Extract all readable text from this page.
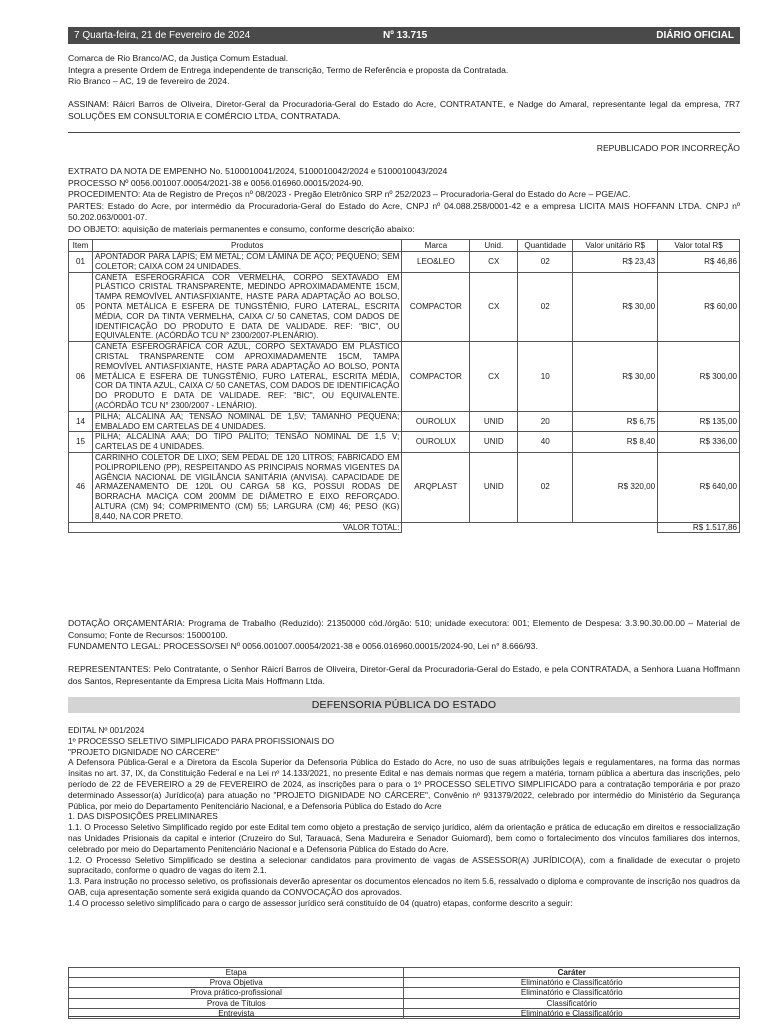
7 Quarta-feira, 21 de Fevereiro de 2024	Nº 13.715	DIÁRIO OFICIAL
Comarca de Rio Branco/AC, da Justiça Comum Estadual.
Integra a presente Ordem de Entrega independente de transcrição, Termo de Referência e proposta da Contratada.
Rio Branco – AC, 19 de fevereiro de 2024.
ASSINAM: Ráicri Barros de Oliveira, Diretor-Geral da Procuradoria-Geral do Estado do Acre, CONTRATANTE, e Nadge do Amaral, representante legal da empresa, 7R7 SOLUÇÕES EM CONSULTORIA E COMÉRCIO LTDA, CONTRATADA.
REPUBLICADO POR INCORREÇÃO
EXTRATO DA NOTA DE EMPENHO No. 5100010041/2024, 5100010042/2024 e 5100010043/2024
PROCESSO Nº 0056.001007.00054/2021-38 e 0056.016960.00015/2024-90.
PROCEDIMENTO: Ata de Registro de Preços nº 08/2023 - Pregão Eletrônico SRP nº 252/2023 – Procuradoria-Geral do Estado do Acre – PGE/AC.
PARTES: Estado do Acre, por intermédio da Procuradoria-Geral do Estado do Acre, CNPJ nº 04.088.258/0001-42 e a empresa LICITA MAIS HOFFANN LTDA. CNPJ nº 50.202.063/0001-07.
DO OBJETO: aquisição de materiais permanentes e consumo, conforme descrição abaixo:
Item	Produtos	Marca	Unid.	Quantidade	Valor unitário R$	Valor total R$
01	APONTADOR PARA LÁPIS; EM METAL; COM LÂMINA DE AÇO; PEQUENO; SEM COLETOR; CAIXA COM 24 UNIDADES.	LEO&LEO	CX	02	R$ 23,43	R$ 46,86
05	CANETA ESFEROGRÁFICA COR VERMELHA, CORPO SEXTAVADO EM PLÁSTICO CRISTAL TRANSPARENTE, MEDINDO APROXIMADAMENTE 15CM, TAMPA REMOVÍVEL ANTIASFIXIANTE, HASTE PARA ADAPTAÇÃO AO BOLSO, PONTA METÁLICA E ESFERA DE TUNGSTÊNIO, FURO LATERAL, ESCRITA MÉDIA, COR DA TINTA VERMELHA, CAIXA C/ 50 CANETAS, COM DADOS DE IDENTIFICAÇÃO DO PRODUTO E DATA DE VALIDADE. REF: "BIC", OU EQUIVALENTE. (ACÓRDÃO TCU N° 2300/2007-PLENÁRIO).	COMPACTOR	CX	02	R$ 30,00	R$ 60,00
06	CANETA ESFEROGRÁFICA COR AZUL, CORPO SEXTAVADO EM PLÁSTICO CRISTAL TRANSPARENTE COM APROXIMADAMENTE 15CM, TAMPA REMOVÍVEL ANTIASFIXIANTE, HASTE PARA ADAPTAÇÃO AO BOLSO, PONTA METÁLICA E ESFERA DE TUNGSTÊNIO, FURO LATERAL, ESCRITA MÉDIA, COR DA TINTA AZUL, CAIXA C/ 50 CANETAS, COM DADOS DE IDENTIFICAÇÃO DO PRODUTO E DATA DE VALIDADE. REF: "BIC", OU EQUIVALENTE. (ACÓRDÃO TCU N° 2300/2007 - LENÁRIO).	COMPACTOR	CX	10	R$ 30,00	R$ 300,00
14	PILHA; ALCALINA AA; TENSÃO NOMINAL DE 1,5V; TAMANHO PEQUENA; EMBALADO EM CARTELAS DE 4 UNIDADES.	OUROLUX	UNID	20	R$ 6,75	R$ 135,00
15	PILHA; ALCALINA AAA; DO TIPO PALITO; TENSÃO NOMINAL DE 1,5 V; CARTELAS DE 4 UNIDADES.	OUROLUX	UNID	40	R$ 8,40	R$ 336,00
46	CARRINHO COLETOR DE LIXO; SEM PEDAL DE 120 LITROS; FABRICADO EM POLIPROPILENO (PP), RESPEITANDO AS PRINCIPAIS NORMAS VIGENTES DA AGÊNCIA NACIONAL DE VIGILÂNCIA SANITÁRIA (ANVISA). CAPACIDADE DE ARMAZENAMENTO DE 120L OU CARGA 58 KG, POSSUI RODAS DE BORRACHA MACIÇA COM 200MM DE DIÂMETRO E EIXO REFORÇADO. ALTURA (CM) 94; COMPRIMENTO (CM) 55; LARGURA (CM) 46; PESO (KG) 8,440, NA COR PRETO.	ARQPLAST	UNID	02	R$ 320,00	R$ 640,00
VALOR TOTAL:						R$ 1.517,86
DOTAÇÃO ORÇAMENTÁRIA: Programa de Trabalho (Reduzido): 21350000 cód./órgão: 510; unidade executora: 001; Elemento de Despesa: 3.3.90.30.00.00 – Material de Consumo; Fonte de Recursos: 15000100.
FUNDAMENTO LEGAL: PROCESSO/SEI Nº 0056.001007.00054/2021-38 e 0056.016960.00015/2024-90, Lei n° 8.666/93.
REPRESENTANTES: Pelo Contratante, o Senhor Ráicri Barros de Oliveira, Diretor-Geral da Procuradoria-Geral do Estado, e pela CONTRATADA, a Senhora Luana Hoffmann dos Santos, Representante da Empresa Licita Mais Hoffmann Ltda.
DEFENSORIA PÚBLICA DO ESTADO
EDITAL Nº 001/2024
1º PROCESSO SELETIVO SIMPLIFICADO PARA PROFISSIONAIS DO
"PROJETO DIGNIDADE NO CÁRCERE"
A Defensora Pública-Geral e a Diretora da Escola Superior da Defensoria Pública do Estado do Acre, no uso de suas atribuições legais e regulamentares, na forma das normas ínsitas no art. 37, IX, da Constituição Federal e na Lei nº 14.133/2021, no presente Edital e nas demais normas que regem a matéria, tornam pública a abertura das inscrições, pelo período de 22 de FEVEREIRO a 29 de FEVEREIRO de 2024, as inscrições para o para o 1º PROCESSO SELETIVO SIMPLIFICADO para a contratação temporária e por prazo determinado Assessor(a) Jurídico(a) para atuação no "PROJETO DIGNIDADE NO CÁRCERE", Convênio nº 931379/2022, celebrado por intermédio do Ministério da Segurança Pública, por meio do Departamento Penitenciário Nacional, e a Defensoria Pública do Estado do Acre
1. DAS DISPOSIÇÕES PRELIMINARES
1.1. O Processo Seletivo Simplificado regido por este Edital tem como objeto a prestação de serviço jurídico, além da orientação e prática de educação em direitos e ressocialização nas Unidades Prisionais da capital e interior (Cruzeiro do Sul, Tarauacá, Sena Madureira e Senador Guiomard), bem como o fortalecimento dos vínculos familiares dos internos, celebrado por meio do Departamento Penitenciário Nacional e a Defensoria Pública do Estado do Acre.
1.2. O Processo Seletivo Simplificado se destina a selecionar candidatos para provimento de vagas de ASSESSOR(A) JURÍDICO(A), com a finalidade de executar o projeto supracitado, conforme o quadro de vagas do item 2.1.
1.3. Para instrução no processo seletivo, os profissionais deverão apresentar os documentos elencados no item 5.6, ressalvado o diploma e comprovante de inscrição nos quadros da OAB, cuja apresentação somente será exigida quando da CONVOCAÇÃO dos aprovados.
1.4 O processo seletivo simplificado para o cargo de assessor jurídico será constituído de 04 (quatro) etapas, conforme descrito a seguir:
Etapa	Caráter
Prova Objetiva	Eliminatório e Classificatório
Prova prático-profissional	Eliminatório e Classificatório
Prova de Títulos	Classificatório
Entrevista	Eliminatório e Classificatório
